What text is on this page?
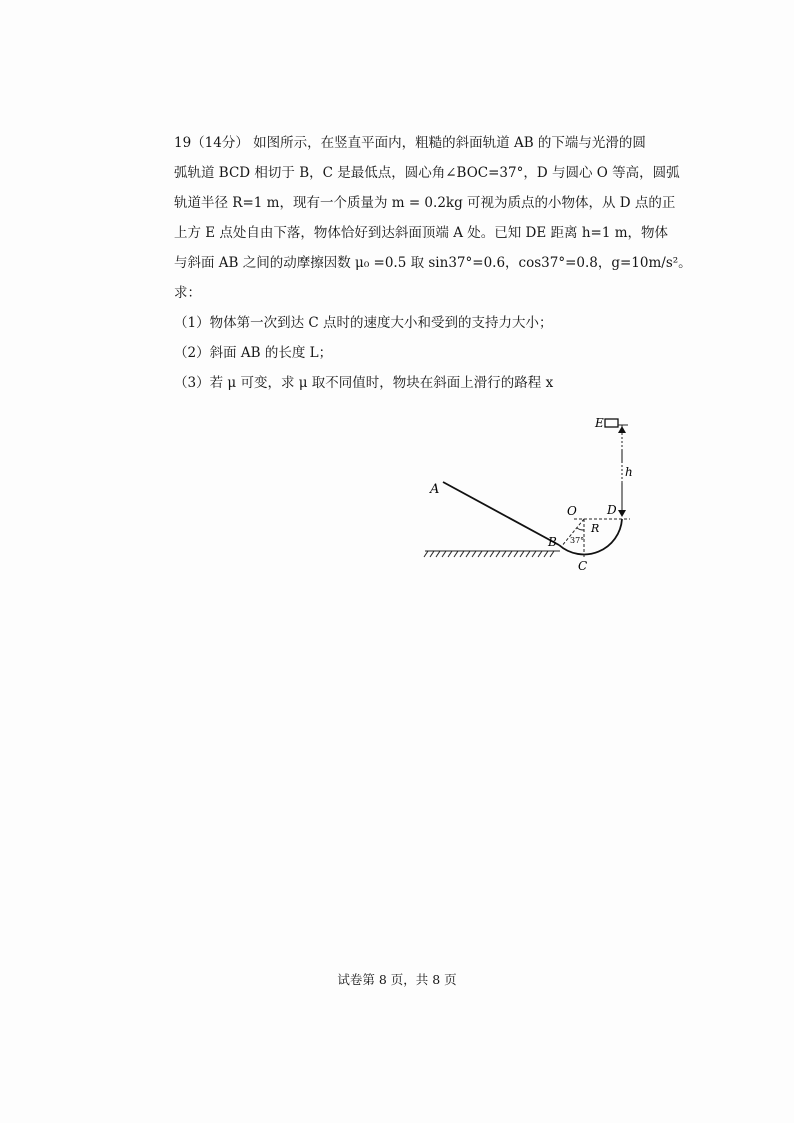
19（14分） 如图所示，在竖直平面内，粗糙的斜面轨道 AB 的下端与光滑的圆

弧轨道 BCD 相切于 B，C 是最低点，圆心角∠BOC=37°，D 与圆心 O 等高，圆弧

轨道半径 R=1 m，现有一个质量为 m = 0.2kg 可视为质点的小物体，从 D 点的正

上方 E 点处自由下落，物体恰好到达斜面顶端 A 处。已知 DE 距离 h=1 m，物体

与斜面 AB 之间的动摩擦因数 μ₀ =0.5 取 sin37°=0.6，cos37°=0.8，g=10m/s²。

求：

（1）物体第一次到达 C 点时的速度大小和受到的支持力大小；

（2）斜面 AB 的长度 L；

（3）若 μ 可变，求 μ 取不同值时，物块在斜面上滑行的路程 x

A
B
C
D
E
O
R
h
37°
试卷第 8 页，共 8 页
